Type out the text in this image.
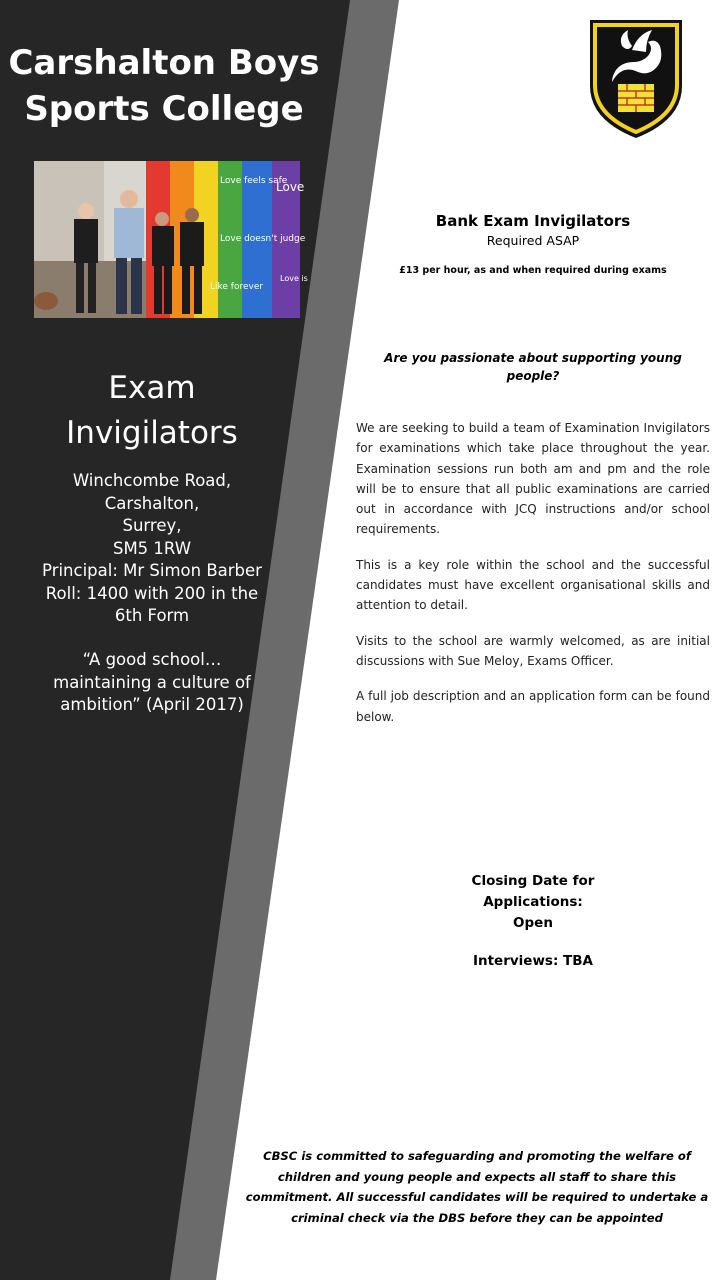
Carshalton Boys
Sports College
Love feels safe
Love
Love doesn't judge
Love is
Like forever
Exam
Invigilators
Winchcombe Road,
Carshalton,
Surrey,
SM5 1RW
Principal: Mr Simon Barber
Roll: 1400 with 200 in the
6th Form
“A good school…
maintaining a culture of
ambition” (April 2017)
Bank Exam Invigilators
Required ASAP
£13 per hour, as and when required during exams
Are you passionate about supporting young people?

We are seeking to build a team of Examination Invigilators for examinations which take place throughout the year. Examination sessions run both am and pm and the role will be to ensure that all public examinations are carried out in accordance with JCQ instructions and/or school requirements.

This is a key role within the school and the successful candidates must have excellent organisational skills and attention to detail.

Visits to the school are warmly welcomed, as are initial discussions with Sue Meloy, Exams Officer.

A full job description and an application form can be found below.

Closing Date for Applications:
Open
Interviews: TBA
CBSC is committed to safeguarding and promoting the welfare of children and young people and expects all staff to share this commitment. All successful candidates will be required to undertake a criminal check via the DBS before they can be appointed
